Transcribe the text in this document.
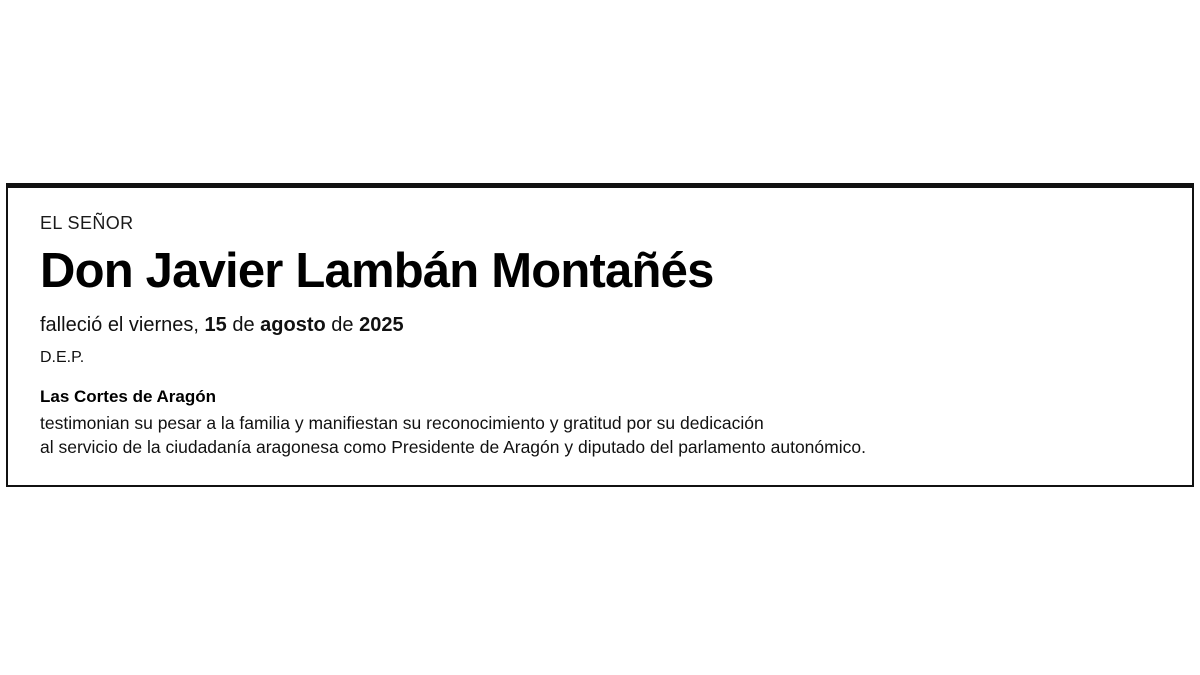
EL SEÑOR
Don Javier Lambán Montañés
falleció el viernes, 15 de agosto de 2025
D.E.P.
Las Cortes de Aragón
testimonian su pesar a la familia y manifiestan su reconocimiento y gratitud por su dedicación
al servicio de la ciudadanía aragonesa como Presidente de Aragón y diputado del parlamento autonómico.
